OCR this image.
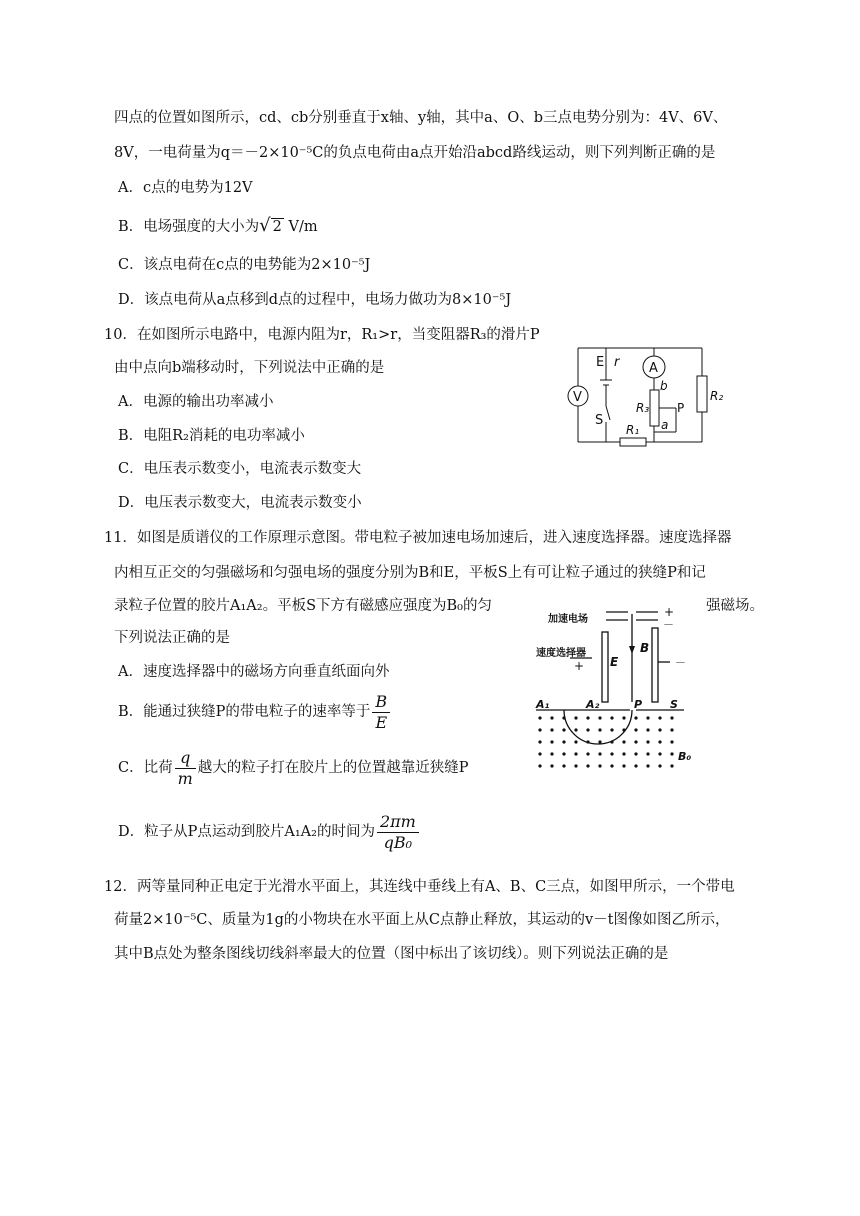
四点的位置如图所示，cd、cb分别垂直于x轴、y轴，其中a、O、b三点电势分别为：4V、6V、
8V，一电荷量为q＝－2×10⁻⁵C的负点电荷由a点开始沿abcd路线运动，则下列判断正确的是
A．c点的电势为12V
B．电场强度的大小为√ 2 V/m
C．该点电荷在c点的电势能为2×10⁻⁵J
D．该点电荷从a点移到d点的过程中，电场力做功为8×10⁻⁵J
10．在如图所示电路中，电源内阻为r，R₁>r，当变阻器R₃的滑片P
由中点向b端移动时，下列说法中正确的是
A．电源的输出功率减小
B．电阻R₂消耗的电功率减小
C．电压表示数变小，电流表示数变大
D．电压表示数变大，电流表示数变小
V
A
E r
S
R₃
b
P
a
R₂
R₁
11．如图是质谱仪的工作原理示意图。带电粒子被加速电场加速后，进入速度选择器。速度选择器
内相互正交的匀强磁场和匀强电场的强度分别为B和E，平板S上有可让粒子通过的狭缝P和记
录粒子位置的胶片A₁A₂。平板S下方有磁感应强度为B₀的匀	强磁场。
下列说法正确的是
A．速度选择器中的磁场方向垂直纸面向外
B．能通过狭缝P的带电粒子的速率等于 $\frac{B}{E}$
C．比荷 $\frac{q}{m}$ 越大的粒子打在胶片上的位置越靠近狭缝P
D．粒子从P点运动到胶片A₁A₂的时间为 $\frac{2\pi m}{\text{qB₀}}$
加速电场
速度选择器
+
－
+	－
E
B
A₁	A₂	P	S
B₀
12．两等量同种正电定于光滑水平面上，其连线中垂线上有A、B、C三点，如图甲所示，一个带电
荷量2×10⁻⁵C、质量为1g的小物块在水平面上从C点静止释放，其运动的v－t图像如图乙所示，
其中B点处为整条图线切线斜率最大的位置（图中标出了该切线）。则下列说法正确的是
